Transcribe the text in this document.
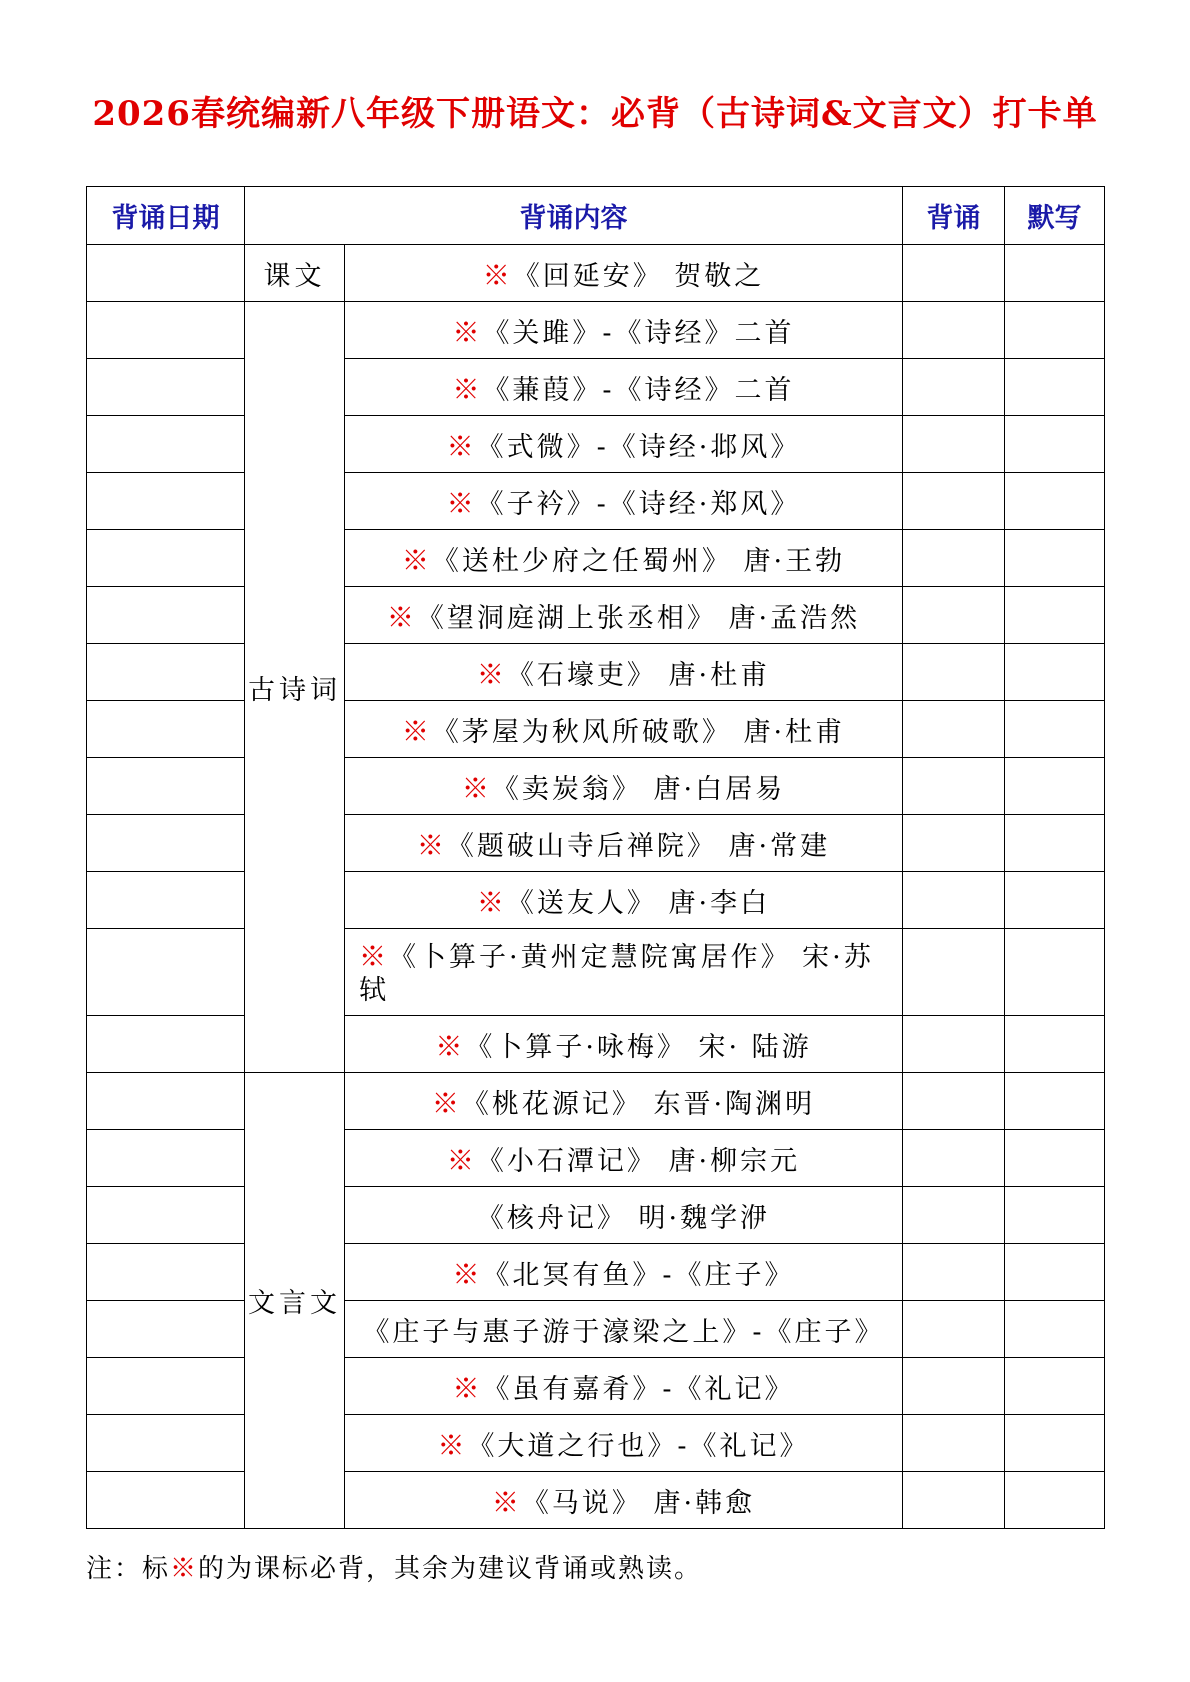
2026春统编新八年级下册语文：必背（古诗词&文言文）打卡单
背诵日期	背诵内容		背诵	默写
	课文	※《回延安》 贺敬之		
	古诗词	※《关雎》-《诗经》二首		
		※《蒹葭》-《诗经》二首		
		※《式微》-《诗经·邶风》		
		※《子衿》-《诗经·郑风》		
		※《送杜少府之任蜀州》 唐·王勃		
		※《望洞庭湖上张丞相》 唐·孟浩然		
		※《石壕吏》 唐·杜甫		
		※《茅屋为秋风所破歌》 唐·杜甫		
		※《卖炭翁》 唐·白居易		
		※《题破山寺后禅院》 唐·常建		
		※《送友人》 唐·李白		
		※《卜算子·黄州定慧院寓居作》 宋·苏轼		
		※《卜算子·咏梅》 宋· 陆游		
	文言文	※《桃花源记》 东晋·陶渊明		
		※《小石潭记》 唐·柳宗元		
		《核舟记》 明·魏学洢		
		※《北冥有鱼》-《庄子》		
		《庄子与惠子游于濠梁之上》-《庄子》		
		※《虽有嘉肴》-《礼记》		
		※《大道之行也》-《礼记》		
		※《马说》 唐·韩愈		
注：标※的为课标必背，其余为建议背诵或熟读。
